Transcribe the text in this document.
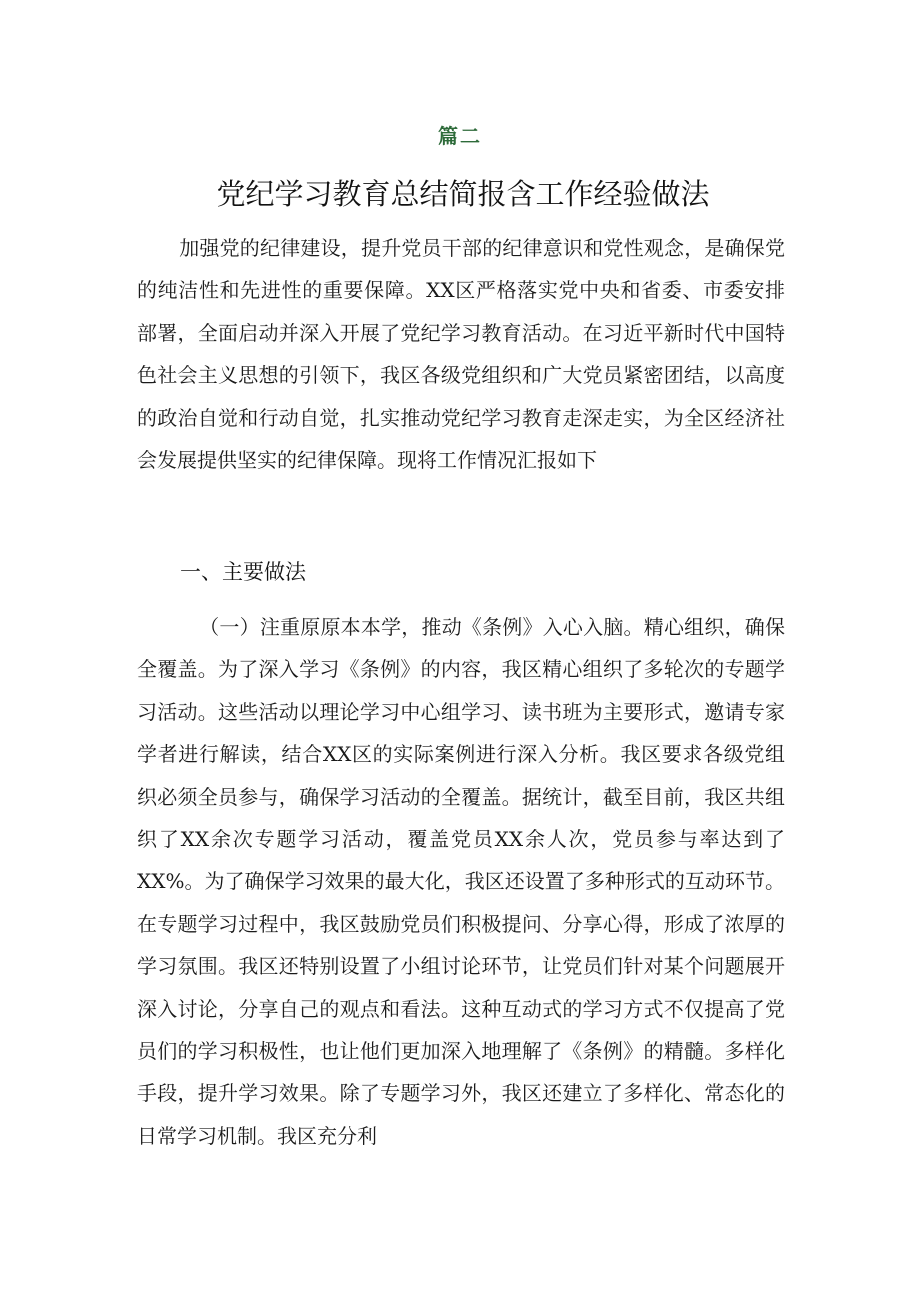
篇二
党纪学习教育总结简报含工作经验做法

加强党的纪律建设，提升党员干部的纪律意识和党性观念，是确保党的纯洁性和先进性的重要保障。XX区严格落实党中央和省委、市委安排部署，全面启动并深入开展了党纪学习教育活动。在习近平新时代中国特色社会主义思想的引领下，我区各级党组织和广大党员紧密团结，以高度的政治自觉和行动自觉，扎实推动党纪学习教育走深走实，为全区经济社会发展提供坚实的纪律保障。现将工作情况汇报如下

一、主要做法

（一）注重原原本本学，推动《条例》入心入脑。精心组织，确保全覆盖。为了深入学习《条例》的内容，我区精心组织了多轮次的专题学习活动。这些活动以理论学习中心组学习、读书班为主要形式，邀请专家学者进行解读，结合XX区的实际案例进行深入分析。我区要求各级党组织必须全员参与，确保学习活动的全覆盖。据统计，截至目前，我区共组织了XX余次专题学习活动，覆盖党员XX余人次，党员参与率达到了XX%。为了确保学习效果的最大化，我区还设置了多种形式的互动环节。在专题学习过程中，我区鼓励党员们积极提问、分享心得，形成了浓厚的学习氛围。我区还特别设置了小组讨论环节，让党员们针对某个问题展开深入讨论，分享自己的观点和看法。这种互动式的学习方式不仅提高了党员们的学习积极性，也让他们更加深入地理解了《条例》的精髓。多样化手段，提升学习效果。除了专题学习外，我区还建立了多样化、常态化的日常学习机制。我区充分利
